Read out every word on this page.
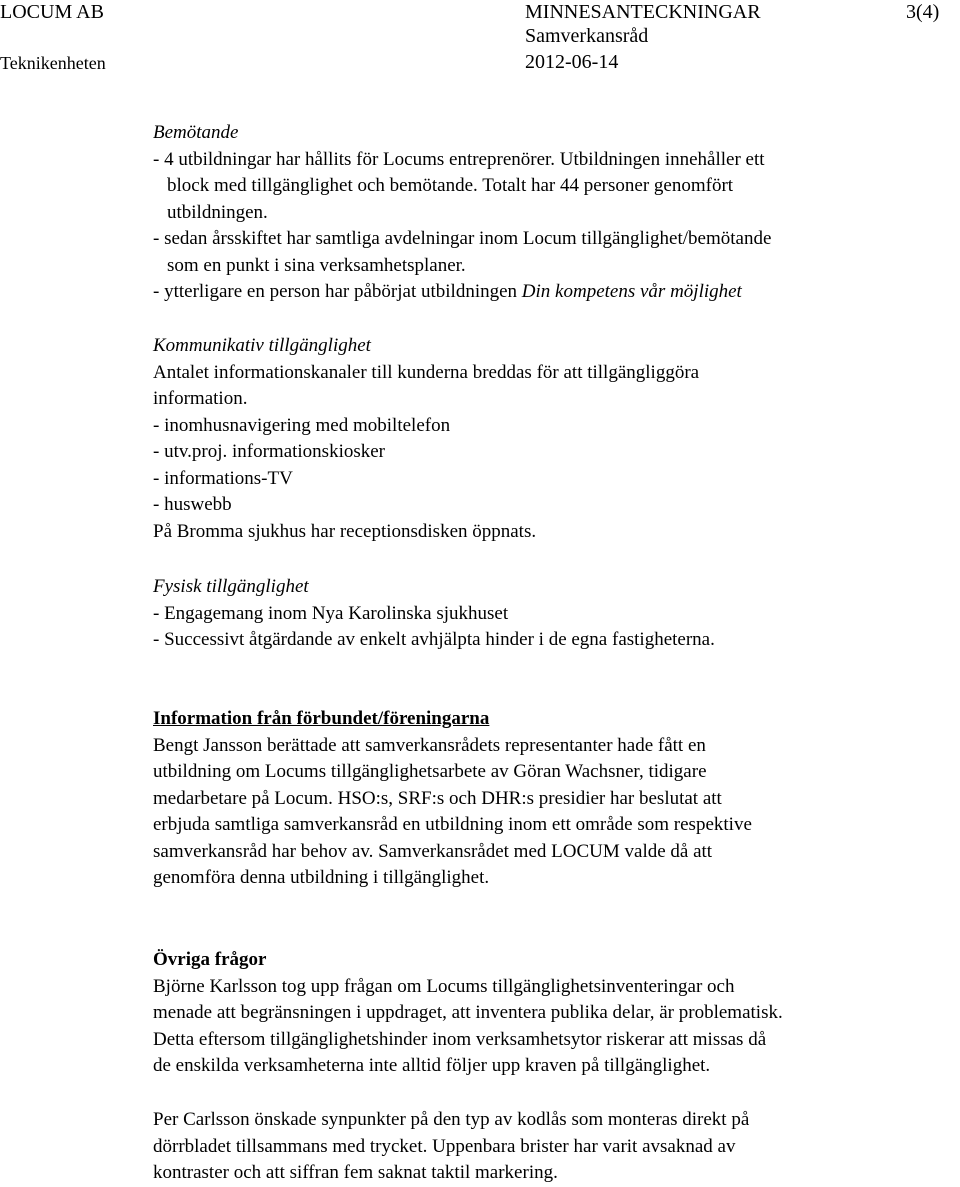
LOCUM AB	MINNESANTECKNINGAR	3(4)
Samverkansråd
Teknikenheten	2012-06-14
Bemötande
- 4 utbildningar har hållits för Locums entreprenörer. Utbildningen innehåller ett
block med tillgänglighet och bemötande. Totalt har 44 personer genomfört
utbildningen.
- sedan årsskiftet har samtliga avdelningar inom Locum tillgänglighet/bemötande
som en punkt i sina verksamhetsplaner.
- ytterligare en person har påbörjat utbildningen Din kompetens vår möjlighet
Kommunikativ tillgänglighet
Antalet informationskanaler till kunderna breddas för att tillgängliggöra
information.
- inomhusnavigering med mobiltelefon
- utv.proj. informationskiosker
- informations-TV
- huswebb
På Bromma sjukhus har receptionsdisken öppnats.
Fysisk tillgänglighet
- Engagemang inom Nya Karolinska sjukhuset
- Successivt åtgärdande av enkelt avhjälpta hinder i de egna fastigheterna.
Information från förbundet/föreningarna
Bengt Jansson berättade att samverkansrådets representanter hade fått en
utbildning om Locums tillgänglighetsarbete av Göran Wachsner, tidigare
medarbetare på Locum. HSO:s, SRF:s och DHR:s presidier har beslutat att
erbjuda samtliga samverkansråd en utbildning inom ett område som respektive
samverkansråd har behov av. Samverkansrådet med LOCUM valde då att
genomföra denna utbildning i tillgänglighet.
Övriga frågor
Björne Karlsson tog upp frågan om Locums tillgänglighetsinventeringar och
menade att begränsningen i uppdraget, att inventera publika delar, är problematisk.
Detta eftersom tillgänglighetshinder inom verksamhetsytor riskerar att missas då
de enskilda verksamheterna inte alltid följer upp kraven på tillgänglighet.
Per Carlsson önskade synpunkter på den typ av kodlås som monteras direkt på
dörrbladet tillsammans med trycket. Uppenbara brister har varit avsaknad av
kontraster och att siffran fem saknat taktil markering.
